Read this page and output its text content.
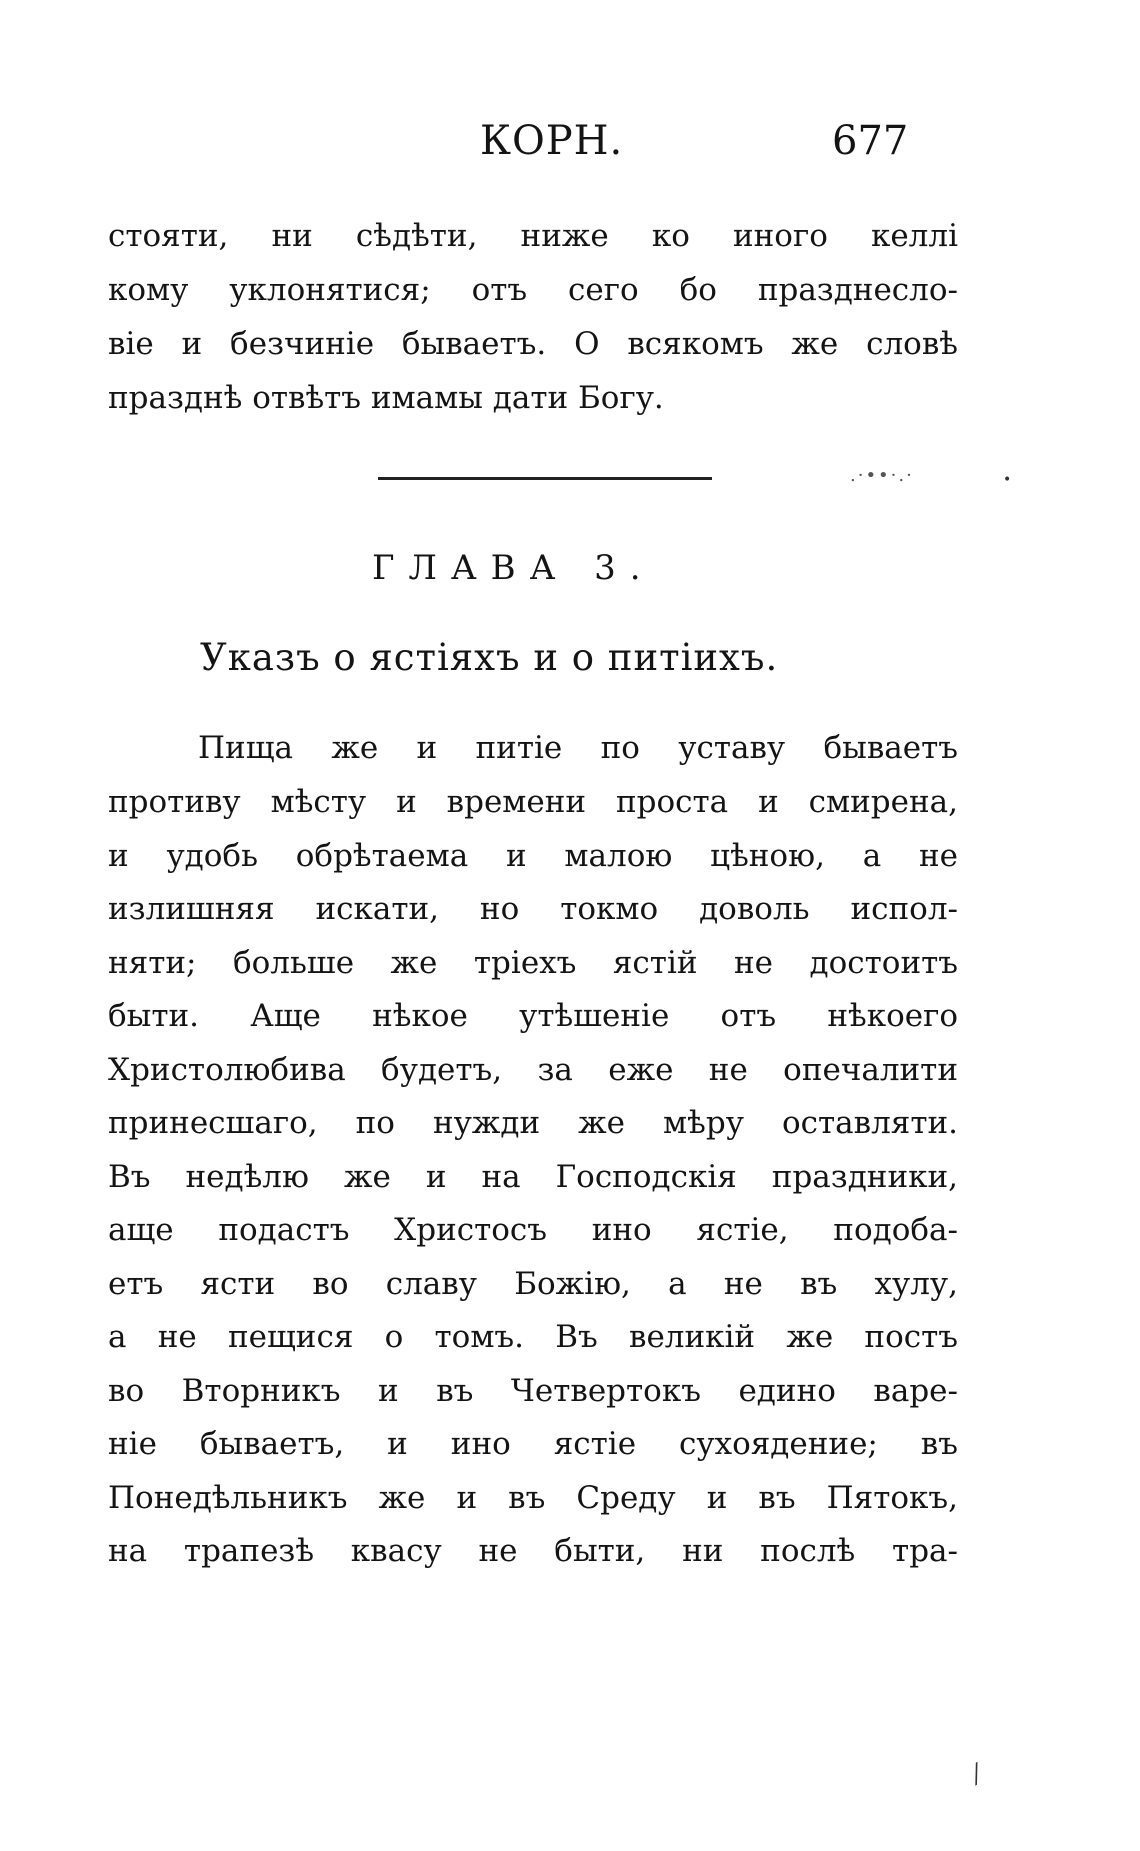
КОРН.	677
стояти, ни сѣдѣти, ниже ко иного келлі
кому уклонятися; отъ сего бо празднесло-
віе и безчиніе бываетъ. О всякомъ же словѣ
празднѣ отвѣтъ имамы дати Богу.
.·••·.·
ГЛАВА 3.
Указъ о ястіяхъ и о питіихъ.
Пища же и питіе по уставу бываетъ
противу мѣсту и времени проста и смирена,
и удобь обрѣтаема и малою цѣною, а не
излишняя искати, но токмо доволь испол-
няти; больше же тріехъ ястій не достоитъ
быти. Аще нѣкое утѣшеніе отъ нѣкоего
Христолюбива будетъ, за еже не опечалити
принесшаго, по нужди же мѣру оставляти.
Въ недѣлю же и на Господскія праздники,
аще подастъ Христосъ ино ястіе, подоба-
етъ ясти во славу Божію, а не въ хулу,
а не пещися о томъ. Въ великій же постъ
во Вторникъ и въ Четвертокъ едино варе-
ніе бываетъ, и ино ястіе сухоядение; въ
Понедѣльникъ же и въ Среду и въ Пятокъ,
на трапезѣ квасу не быти, ни послѣ тра-
⁄
•
